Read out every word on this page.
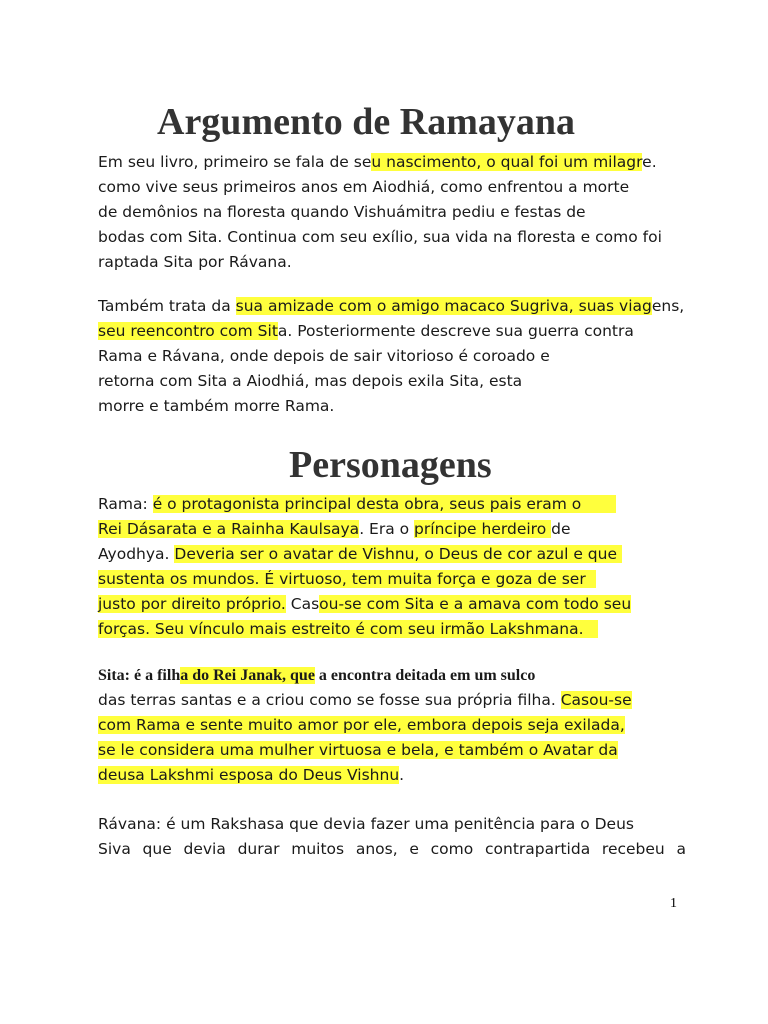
Argumento de Ramayana
Personagens
Em seu livro, primeiro se fala de seu nascimento, o qual foi um milagre.
como vive seus primeiros anos em Aiodhiá, como enfrentou a morte
de demônios na floresta quando Vishuámitra pediu e festas de
bodas com Sita. Continua com seu exílio, sua vida na floresta e como foi
raptada Sita por Rávana.
Também trata da sua amizade com o amigo macaco Sugriva, suas viagens,
seu reencontro com Sita. Posteriormente descreve sua guerra contra
Rama e Rávana, onde depois de sair vitorioso é coroado e
retorna com Sita a Aiodhiá, mas depois exila Sita, esta
morre e também morre Rama.
Rama: é o protagonista principal desta obra, seus pais eram o
Rei Dásarata e a Rainha Kaulsaya. Era o príncipe herdeiro de
Ayodhya. Deveria ser o avatar de Vishnu, o Deus de cor azul e que
sustenta os mundos. É virtuoso, tem muita força e goza de ser
justo por direito próprio. Casou-se com Sita e a amava com todo seu
forças. Seu vínculo mais estreito é com seu irmão Lakshmana.
Sita: é a filha do Rei Janak, que a encontra deitada em um sulco
das terras santas e a criou como se fosse sua própria filha. Casou-se
com Rama e sente muito amor por ele, embora depois seja exilada,
se le considera uma mulher virtuosa e bela, e também o Avatar da
deusa Lakshmi esposa do Deus Vishnu.
Rávana: é um Rakshasa que devia fazer uma penitência para o Deus
Siva que devia durar muitos anos, e como contrapartida recebeu a
1
